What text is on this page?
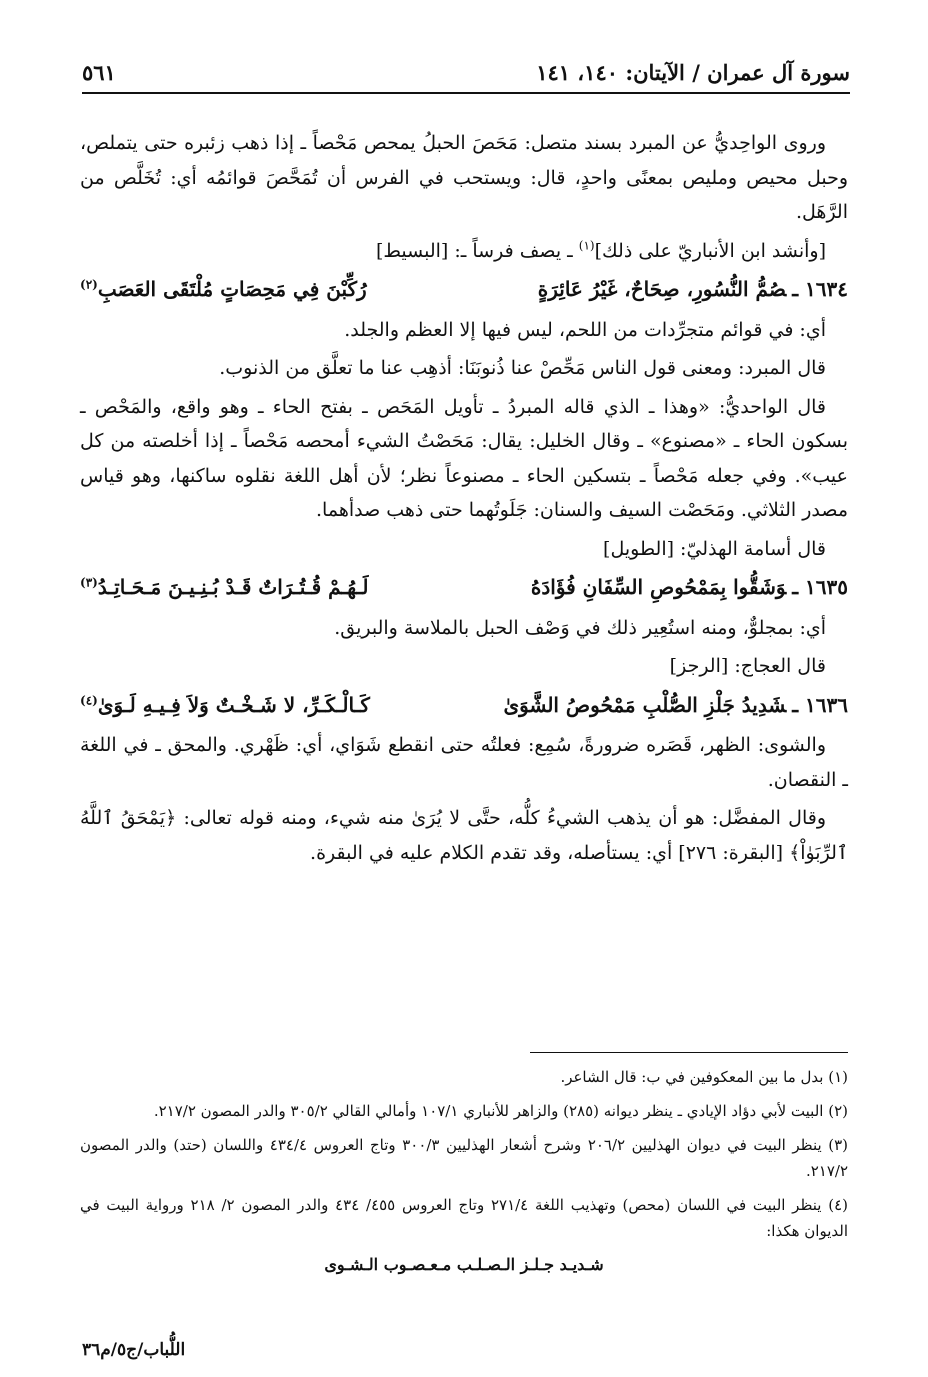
سورة آل عمران / الآيتان: ١٤٠، ١٤١
٥٦١

وروى الواحِديُّ عن المبرد بسند متصل: مَحَصَ الحبلُ يمحص مَحْصاً ـ إذا ذهب زئبره حتى يتملص، وحبل محيص ومليص بمعنًى واحدٍ، قال: ويستحب في الفرس أن تُمَحَّصَ قوائمُه أي: تُخَلَّص من الرَّهَل.

[وأنشد ابن الأنباريّ على ذلك]$^{(١)}$ ـ يصف فرساً ـ: [البسيط]

١٦٣٤ ـصُمُّ النُّسُورِ، صِحَاحٌ، غَيْرُ عَائِرَةٍ
رُكِّبْنَ فِي مَحِصَاتٍ مُلْتَقَى العَصَبِ$^{(٢)}$

أي: في قوائم متجرِّدات من اللحم، ليس فيها إلا العظم والجلد.

قال المبرد: ومعنى قول الناس مَحِّصْ عنا ذُنوبَنَا: أذهِب عنا ما تعلَّق من الذنوب.

قال الواحديُّ: «وهذا ـ الذي قاله المبردُ ـ تأويل المَحَص ـ بفتح الحاء ـ وهو واقع، والمَحْص ـ بسكون الحاء ـ «مصنوع» ـ وقال الخليل: يقال: مَحَصْتُ الشيء أمحصه مَحْصاً ـ إذا أخلصته من كل عيب». وفي جعله مَحْصاً ـ بتسكين الحاء ـ مصنوعاً نظر؛ لأن أهل اللغة نقلوه ساكنها، وهو قياس مصدر الثلاثي. ومَحَصْت السيف والسنان: جَلَوتُهما حتى ذهب صدأهما.

قال أسامة الهذليّ: [الطويل]

١٦٣٥ ـوَشَقُّوا بِمَمْحُوصِ السِّفَانِ فُؤَادَهُ
لَـهُـمْ قُـتُـرَاتٌ قَـدْ بُـنِـيـنَ مَـحَـاتِـدُ$^{(٣)}$

أي: بمجلوٌّ، ومنه استُعِير ذلك في وَصْف الحبل بالملاسة والبريق.

قال العجاج: [الرجز]

١٦٣٦ ـشَدِيدُ جَلْزِ الصُّلْبِ مَمْحُوصُ الشَّوَىٰ
كَـالْـكَـرِّ، لا شَـخْـتٌ وَلاَ فِـيـهِ لَـوَىٰ$^{(٤)}$

والشوى: الظهر، قَصَره ضرورةً، سُمِع: فعلتُه حتى انقطع شَوَاي، أي: ظَهْري. والمحق ـ في اللغة ـ النقصان.

وقال المفضَّل: هو أن يذهب الشيءُ كلُّه، حتَّى لا يُرَىٰ منه شيء، ومنه قوله تعالى: ﴿يَمْحَقُ ٱللَّهُ ٱلرِّبَوٰاْ﴾ [البقرة: ٢٧٦] أي: يستأصله، وقد تقدم الكلام عليه في البقرة.

(١) بدل ما بين المعكوفين في ب: قال الشاعر.

(٢) البيت لأبي دؤاد الإيادي ـ ينظر ديوانه (٢٨٥) والزاهر للأنباري ١٠٧/١ وأمالي القالي ٣٠٥/٢ والدر المصون ٢١٧/٢.

(٣) ينظر البيت في ديوان الهذليين ٢٠٦/٢ وشرح أشعار الهذليين ٣٠٠/٣ وتاج العروس ٤٣٤/٤ واللسان (حتد) والدر المصون ٢١٧/٢.

(٤) ينظر البيت في اللسان (محص) وتهذيب اللغة ٢٧١/٤ وتاج العروس ٤٥٥/ ٤٣٤ والدر المصون ٢/ ٢١٨ ورواية البيت في الديوان هكذا:

شـديـد جـلـز الـصـلـب مـعـصـوب الـشـوى

اللُّباب/ج٥/م٣٦
